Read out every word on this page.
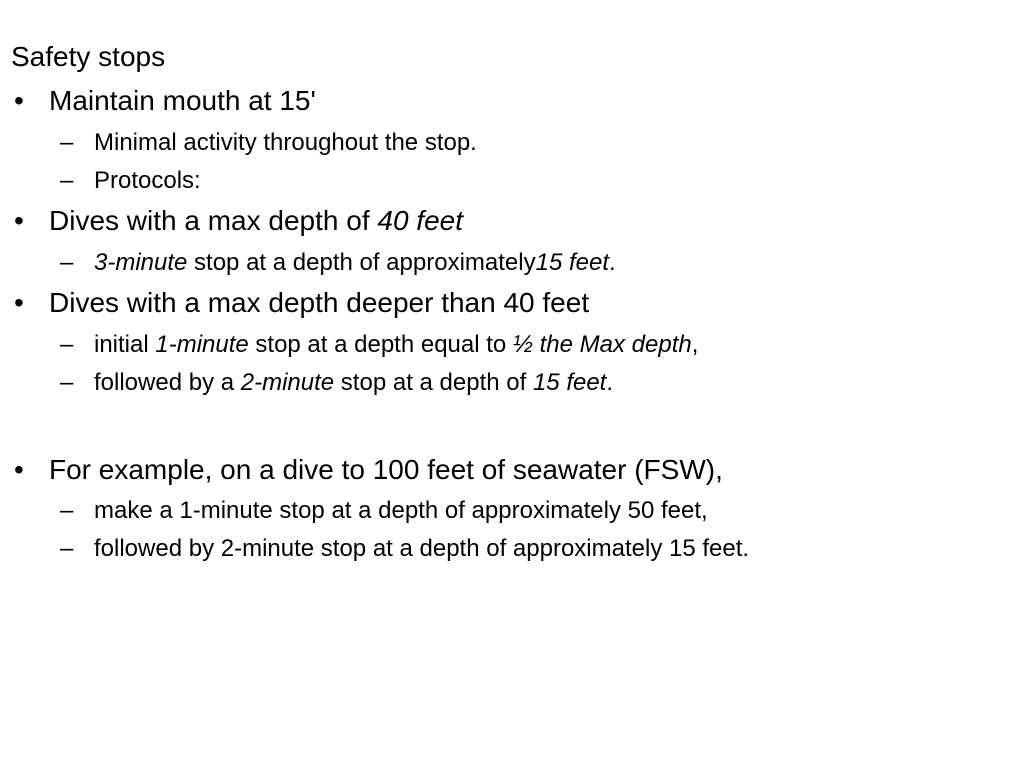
Safety stops
• Maintain mouth at 15'
– Minimal activity throughout the stop.
– Protocols:
• Dives with a max depth of 40 feet
– 3-minute stop at a depth of approximately15 feet.
• Dives with a max depth deeper than 40 feet
– initial 1-minute stop at a depth equal to ½ the Max depth,
– followed by a 2-minute stop at a depth of 15 feet.
• For example, on a dive to 100 feet of seawater (FSW),
– make a 1-minute stop at a depth of approximately 50 feet,
– followed by 2-minute stop at a depth of approximately 15 feet.
